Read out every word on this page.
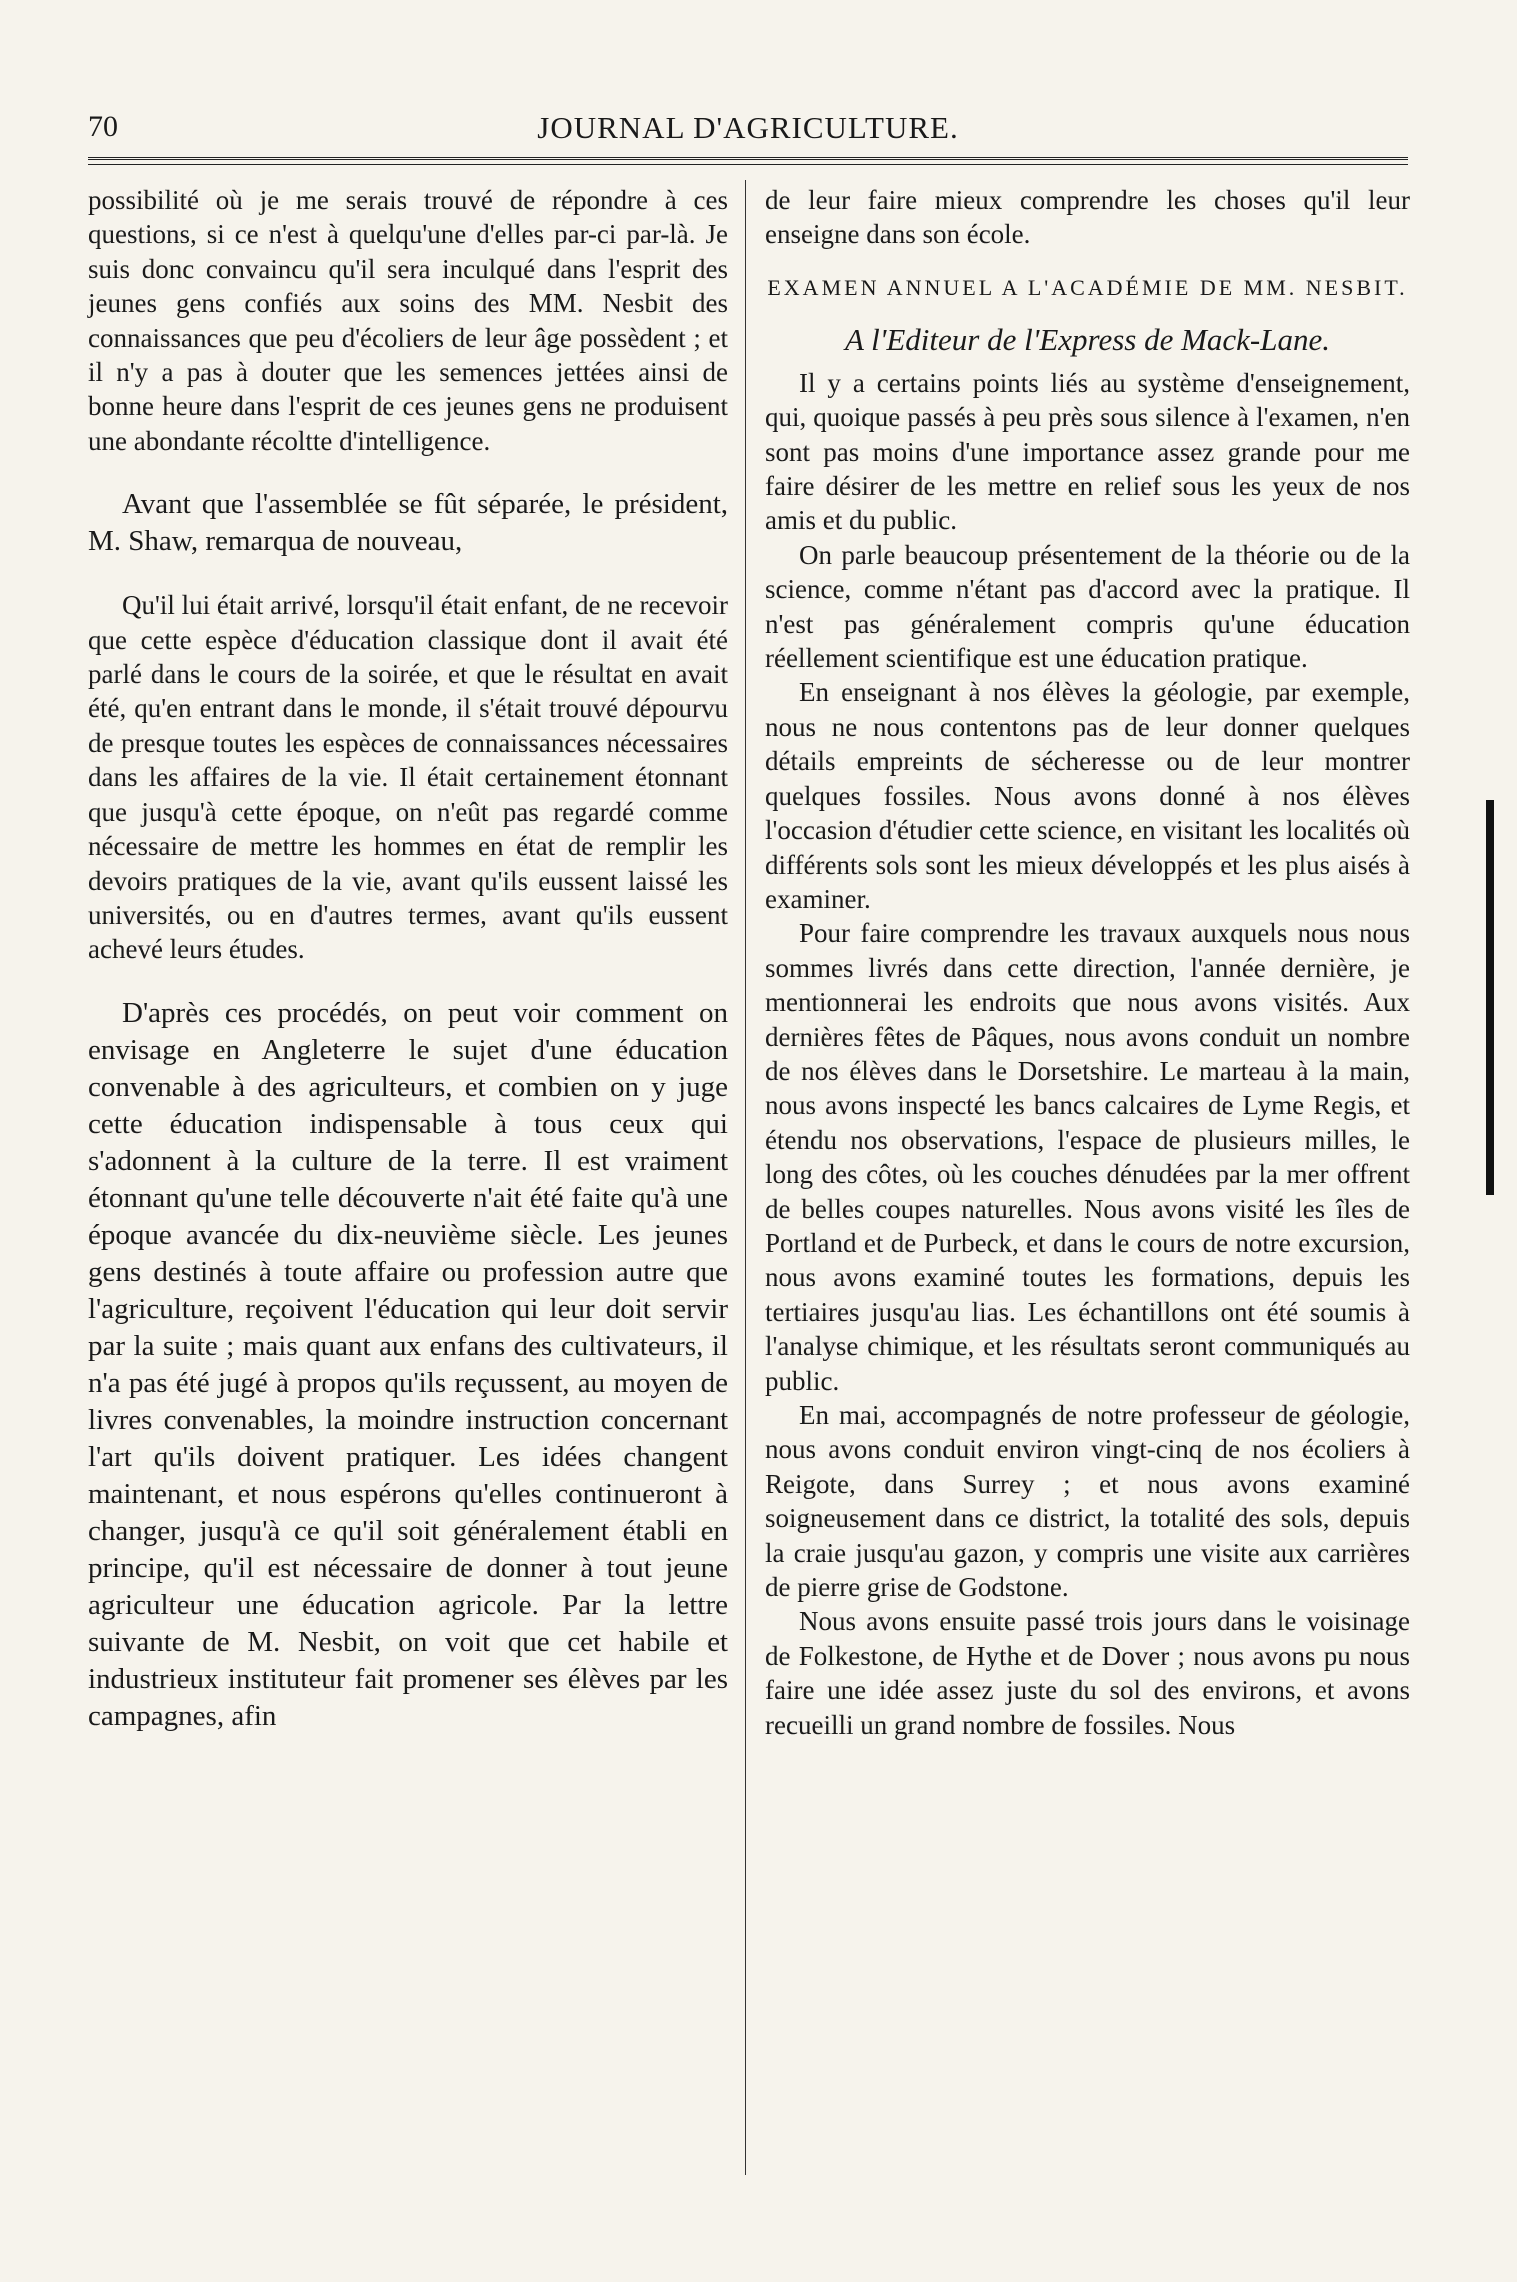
70	JOURNAL D'AGRICULTURE.

possibilité où je me serais trouvé de répondre à ces questions, si ce n'est à quelqu'une d'elles par-ci par-là. Je suis donc convaincu qu'il sera inculqué dans l'esprit des jeunes gens confiés aux soins des MM. Nesbit des connaissances que peu d'écoliers de leur âge possèdent ; et il n'y a pas à douter que les semences jettées ainsi de bonne heure dans l'esprit de ces jeunes gens ne produisent une abondante récoltte d'intelligence.

Avant que l'assemblée se fût séparée, le président, M. Shaw, remarqua de nouveau,

Qu'il lui était arrivé, lorsqu'il était enfant, de ne recevoir que cette espèce d'éducation classique dont il avait été parlé dans le cours de la soirée, et que le résultat en avait été, qu'en entrant dans le monde, il s'était trouvé dépourvu de presque toutes les espèces de connaissances nécessaires dans les affaires de la vie. Il était certainement étonnant que jusqu'à cette époque, on n'eût pas regardé comme nécessaire de mettre les hommes en état de remplir les devoirs pratiques de la vie, avant qu'ils eussent laissé les universités, ou en d'autres termes, avant qu'ils eussent achevé leurs études.

D'après ces procédés, on peut voir comment on envisage en Angleterre le sujet d'une éducation convenable à des agriculteurs, et combien on y juge cette éducation indispensable à tous ceux qui s'adonnent à la culture de la terre. Il est vraiment étonnant qu'une telle découverte n'ait été faite qu'à une époque avancée du dix-neuvième siècle. Les jeunes gens destinés à toute affaire ou profession autre que l'agriculture, reçoivent l'éducation qui leur doit servir par la suite ; mais quant aux enfans des cultivateurs, il n'a pas été jugé à propos qu'ils reçussent, au moyen de livres convenables, la moindre instruction concernant l'art qu'ils doivent pratiquer. Les idées changent maintenant, et nous espérons qu'elles continueront à changer, jusqu'à ce qu'il soit généralement établi en principe, qu'il est nécessaire de donner à tout jeune agriculteur une éducation agricole. Par la lettre suivante de M. Nesbit, on voit que cet habile et industrieux instituteur fait promener ses élèves par les campagnes, afin

de leur faire mieux comprendre les choses qu'il leur enseigne dans son école.

EXAMEN ANNUEL A L'ACADÉMIE DE MM. NESBIT.
A l'Editeur de l'Express de Mack-Lane.

Il y a certains points liés au système d'enseignement, qui, quoique passés à peu près sous silence à l'examen, n'en sont pas moins d'une importance assez grande pour me faire désirer de les mettre en relief sous les yeux de nos amis et du public.

On parle beaucoup présentement de la théorie ou de la science, comme n'étant pas d'accord avec la pratique. Il n'est pas généralement compris qu'une éducation réellement scientifique est une éducation pratique.

En enseignant à nos élèves la géologie, par exemple, nous ne nous contentons pas de leur donner quelques détails empreints de sécheresse ou de leur montrer quelques fossiles. Nous avons donné à nos élèves l'occasion d'étudier cette science, en visitant les localités où différents sols sont les mieux développés et les plus aisés à examiner.

Pour faire comprendre les travaux auxquels nous nous sommes livrés dans cette direction, l'année dernière, je mentionnerai les endroits que nous avons visités. Aux dernières fêtes de Pâques, nous avons conduit un nombre de nos élèves dans le Dorsetshire. Le marteau à la main, nous avons inspecté les bancs calcaires de Lyme Regis, et étendu nos observations, l'espace de plusieurs milles, le long des côtes, où les couches dénudées par la mer offrent de belles coupes naturelles. Nous avons visité les îles de Portland et de Purbeck, et dans le cours de notre excursion, nous avons examiné toutes les formations, depuis les tertiaires jusqu'au lias. Les échantillons ont été soumis à l'analyse chimique, et les résultats seront communiqués au public.

En mai, accompagnés de notre professeur de géologie, nous avons conduit environ vingt-cinq de nos écoliers à Reigote, dans Surrey ; et nous avons examiné soigneusement dans ce district, la totalité des sols, depuis la craie jusqu'au gazon, y compris une visite aux carrières de pierre grise de Godstone.

Nous avons ensuite passé trois jours dans le voisinage de Folkestone, de Hythe et de Dover ; nous avons pu nous faire une idée assez juste du sol des environs, et avons recueilli un grand nombre de fossiles. Nous
